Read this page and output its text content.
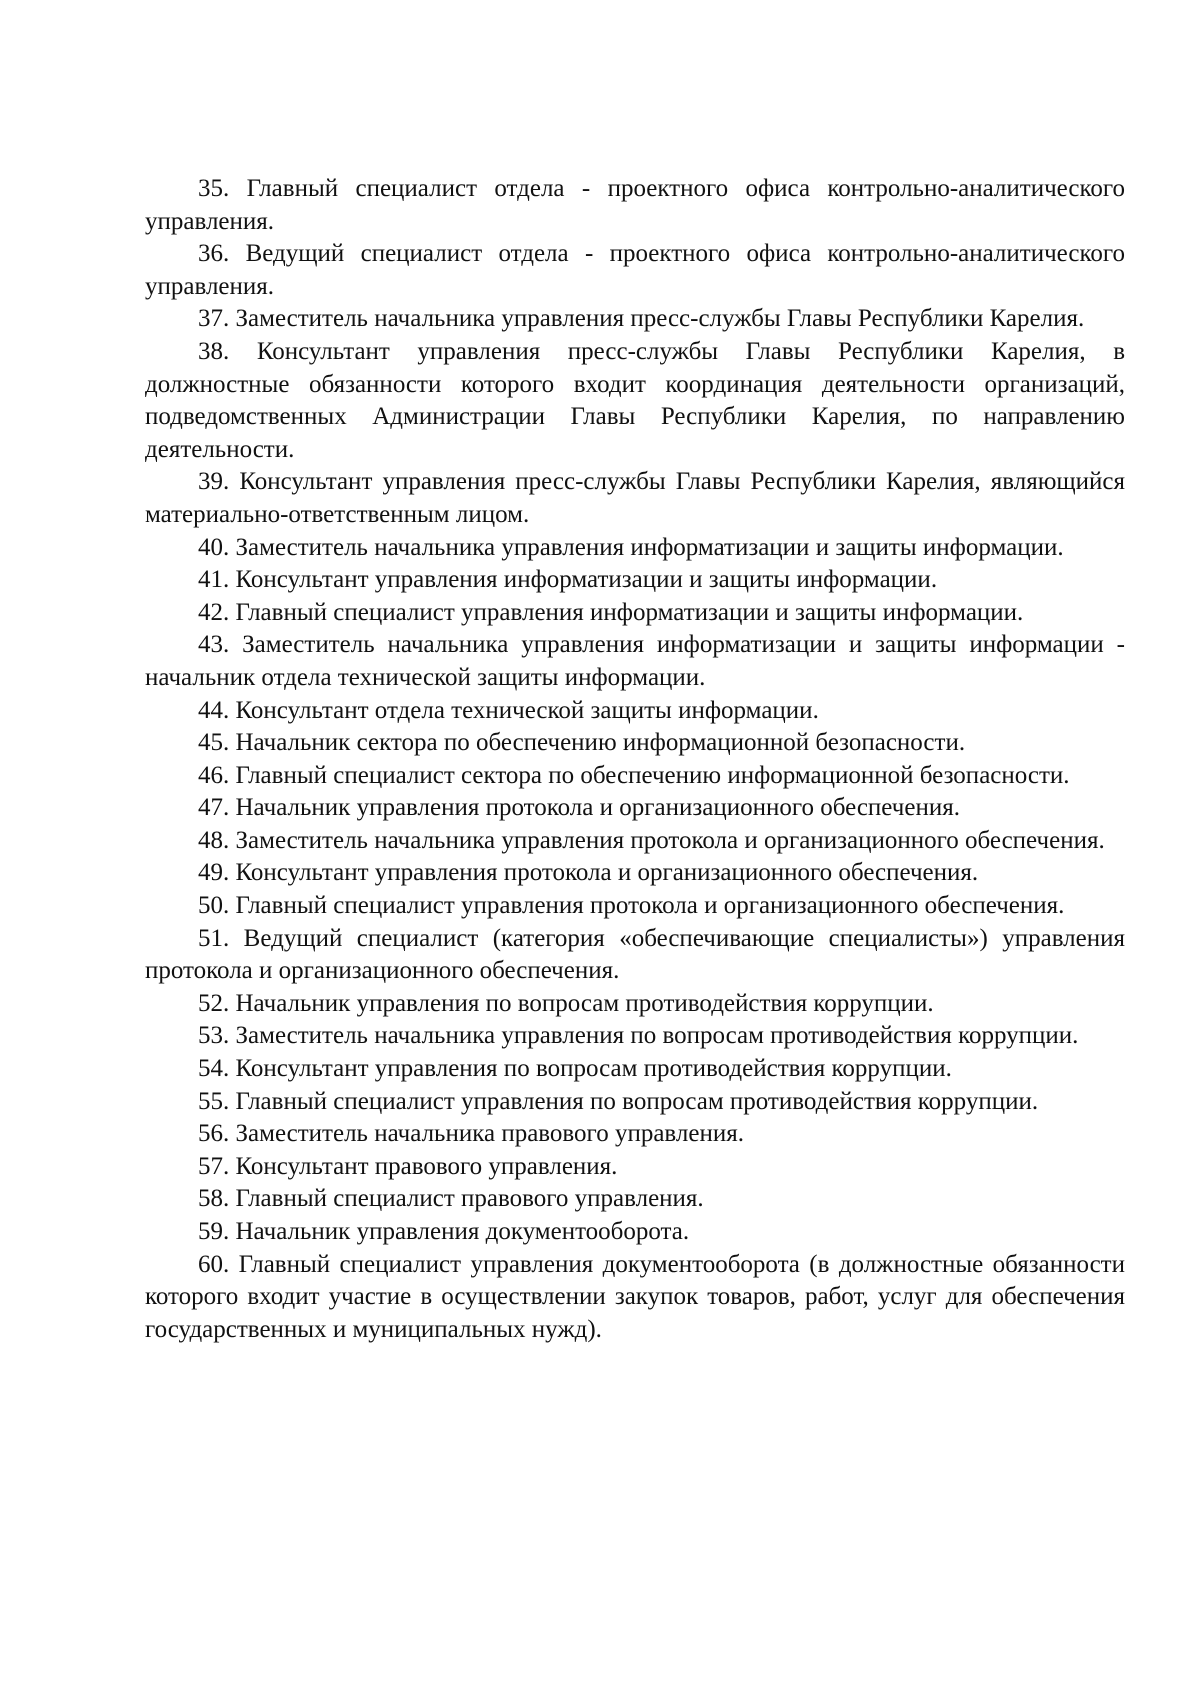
35. Главный специалист отдела - проектного офиса контрольно-аналитического управления.

36. Ведущий специалист отдела - проектного офиса контрольно-аналитического управления.

37. Заместитель начальника управления пресс-службы Главы Республики Карелия.

38. Консультант управления пресс-службы Главы Республики Карелия, в должностные обязанности которого входит координация деятельности организаций, подведомственных Администрации Главы Республики Карелия, по направлению деятельности.

39. Консультант управления пресс-службы Главы Республики Карелия, являющийся материально-ответственным лицом.

40. Заместитель начальника управления информатизации и защиты информации.

41. Консультант управления информатизации и защиты информации.

42. Главный специалист управления информатизации и защиты информации.

43. Заместитель начальника управления информатизации и защиты информации - начальник отдела технической защиты информации.

44. Консультант отдела технической защиты информации.

45. Начальник сектора по обеспечению информационной безопасности.

46. Главный специалист сектора по обеспечению информационной безопасности.

47. Начальник управления протокола и организационного обеспечения.

48. Заместитель начальника управления протокола и организационного обеспечения.

49. Консультант управления протокола и организационного обеспечения.

50. Главный специалист управления протокола и организационного обеспечения.

51. Ведущий специалист (категория «обеспечивающие специалисты») управления протокола и организационного обеспечения.

52. Начальник управления по вопросам противодействия коррупции.

53. Заместитель начальника управления по вопросам противодействия коррупции.

54. Консультант управления по вопросам противодействия коррупции.

55. Главный специалист управления по вопросам противодействия коррупции.

56. Заместитель начальника правового управления.

57. Консультант правового управления.

58. Главный специалист правового управления.

59. Начальник управления документооборота.

60. Главный специалист управления документооборота (в должностные обязанности которого входит участие в осуществлении закупок товаров, работ, услуг для обеспечения государственных и муниципальных нужд).
